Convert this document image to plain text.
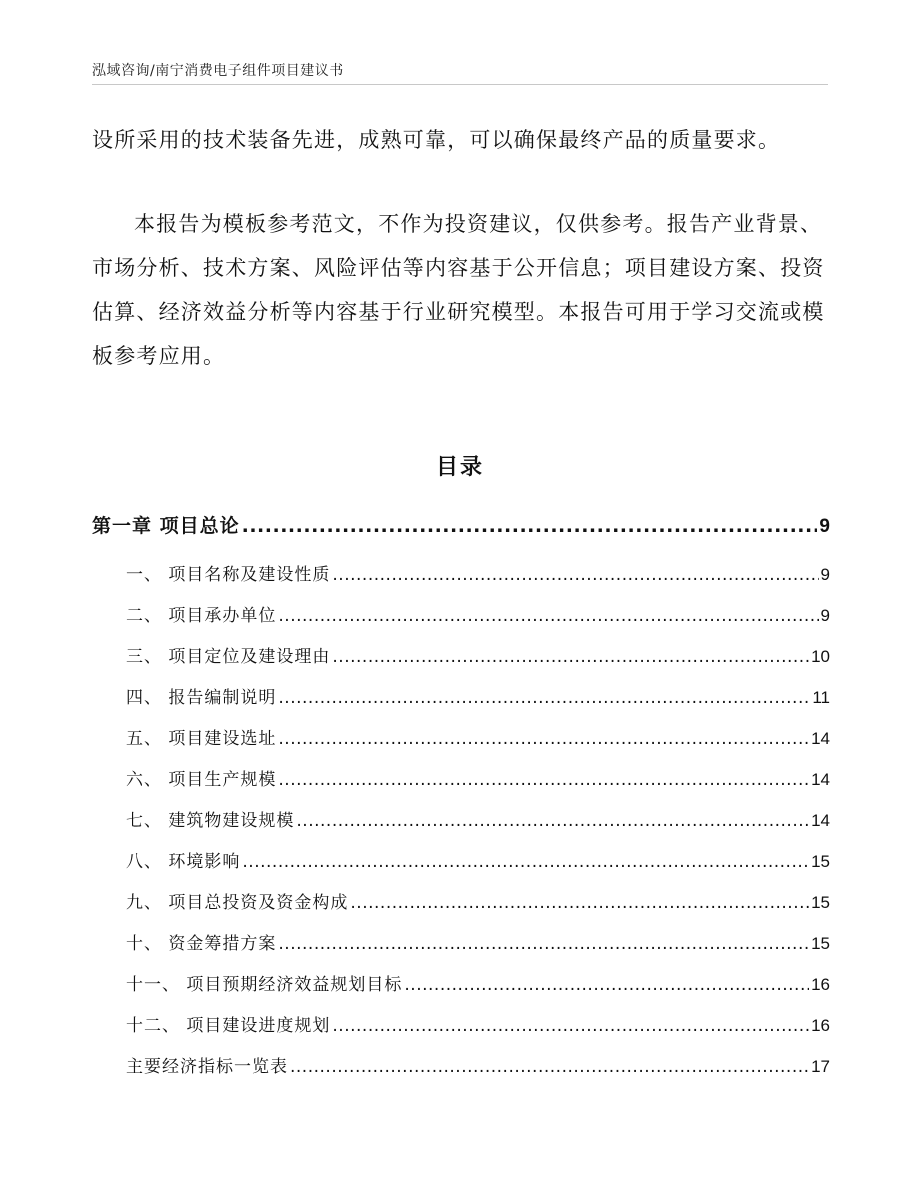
泓域咨询/南宁消费电子组件项目建议书
设所采用的技术装备先进，成熟可靠，可以确保最终产品的质量要求。
本报告为模板参考范文，不作为投资建议，仅供参考。报告产业背景、市场分析、技术方案、风险评估等内容基于公开信息；项目建设方案、投资估算、经济效益分析等内容基于行业研究模型。本报告可用于学习交流或模板参考应用。
目录
第一章 项目总论 .....	9
一、 项目名称及建设性质 .....	9
二、 项目承办单位 .....	9
三、 项目定位及建设理由 .....	10
四、 报告编制说明 .....	11
五、 项目建设选址 .....	14
六、 项目生产规模 .....	14
七、 建筑物建设规模 .....	14
八、 环境影响 .....	15
九、 项目总投资及资金构成 .....	15
十、 资金筹措方案 .....	15
十一、 项目预期经济效益规划目标 .....	16
十二、 项目建设进度规划 .....	16
主要经济指标一览表 .....	17
